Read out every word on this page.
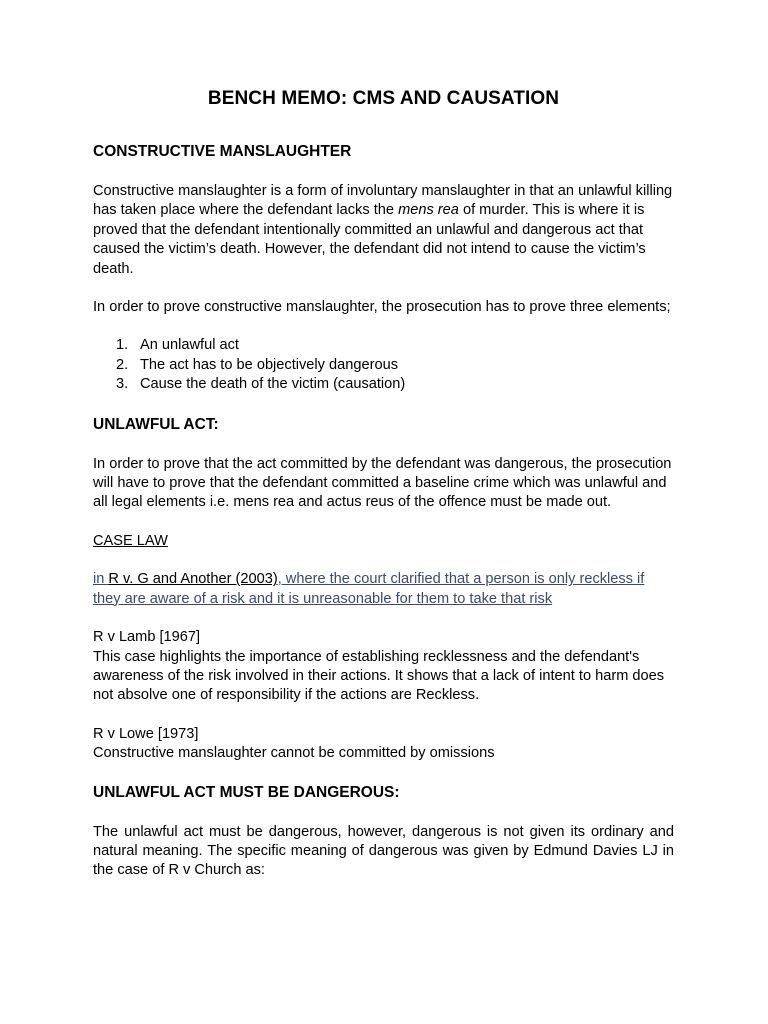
BENCH MEMO: CMS AND CAUSATION
CONSTRUCTIVE MANSLAUGHTER

Constructive manslaughter is a form of involuntary manslaughter in that an unlawful killing has taken place where the defendant lacks the mens rea of murder. This is where it is proved that the defendant intentionally committed an unlawful and dangerous act that caused the victim’s death. However, the defendant did not intend to cause the victim’s death.

In order to prove constructive manslaughter, the prosecution has to prove three elements;

1. An unlawful act
2. The act has to be objectively dangerous
3. Cause the death of the victim (causation)
UNLAWFUL ACT:

In order to prove that the act committed by the defendant was dangerous, the prosecution will have to prove that the defendant committed a baseline crime which was unlawful and all legal elements i.e. mens rea and actus reus of the offence must be made out.

CASE LAW

in R v. G and Another (2003), where the court clarified that a person is only reckless if they are aware of a risk and it is unreasonable for them to take that risk

R v Lamb [1967]

This case highlights the importance of establishing recklessness and the defendant's awareness of the risk involved in their actions. It shows that a lack of intent to harm does not absolve one of responsibility if the actions are Reckless.

R v Lowe [1973]

Constructive manslaughter cannot be committed by omissions

UNLAWFUL ACT MUST BE DANGEROUS:

The unlawful act must be dangerous, however, dangerous is not given its ordinary and natural meaning. The specific meaning of dangerous was given by Edmund Davies LJ in the case of R v Church as:
